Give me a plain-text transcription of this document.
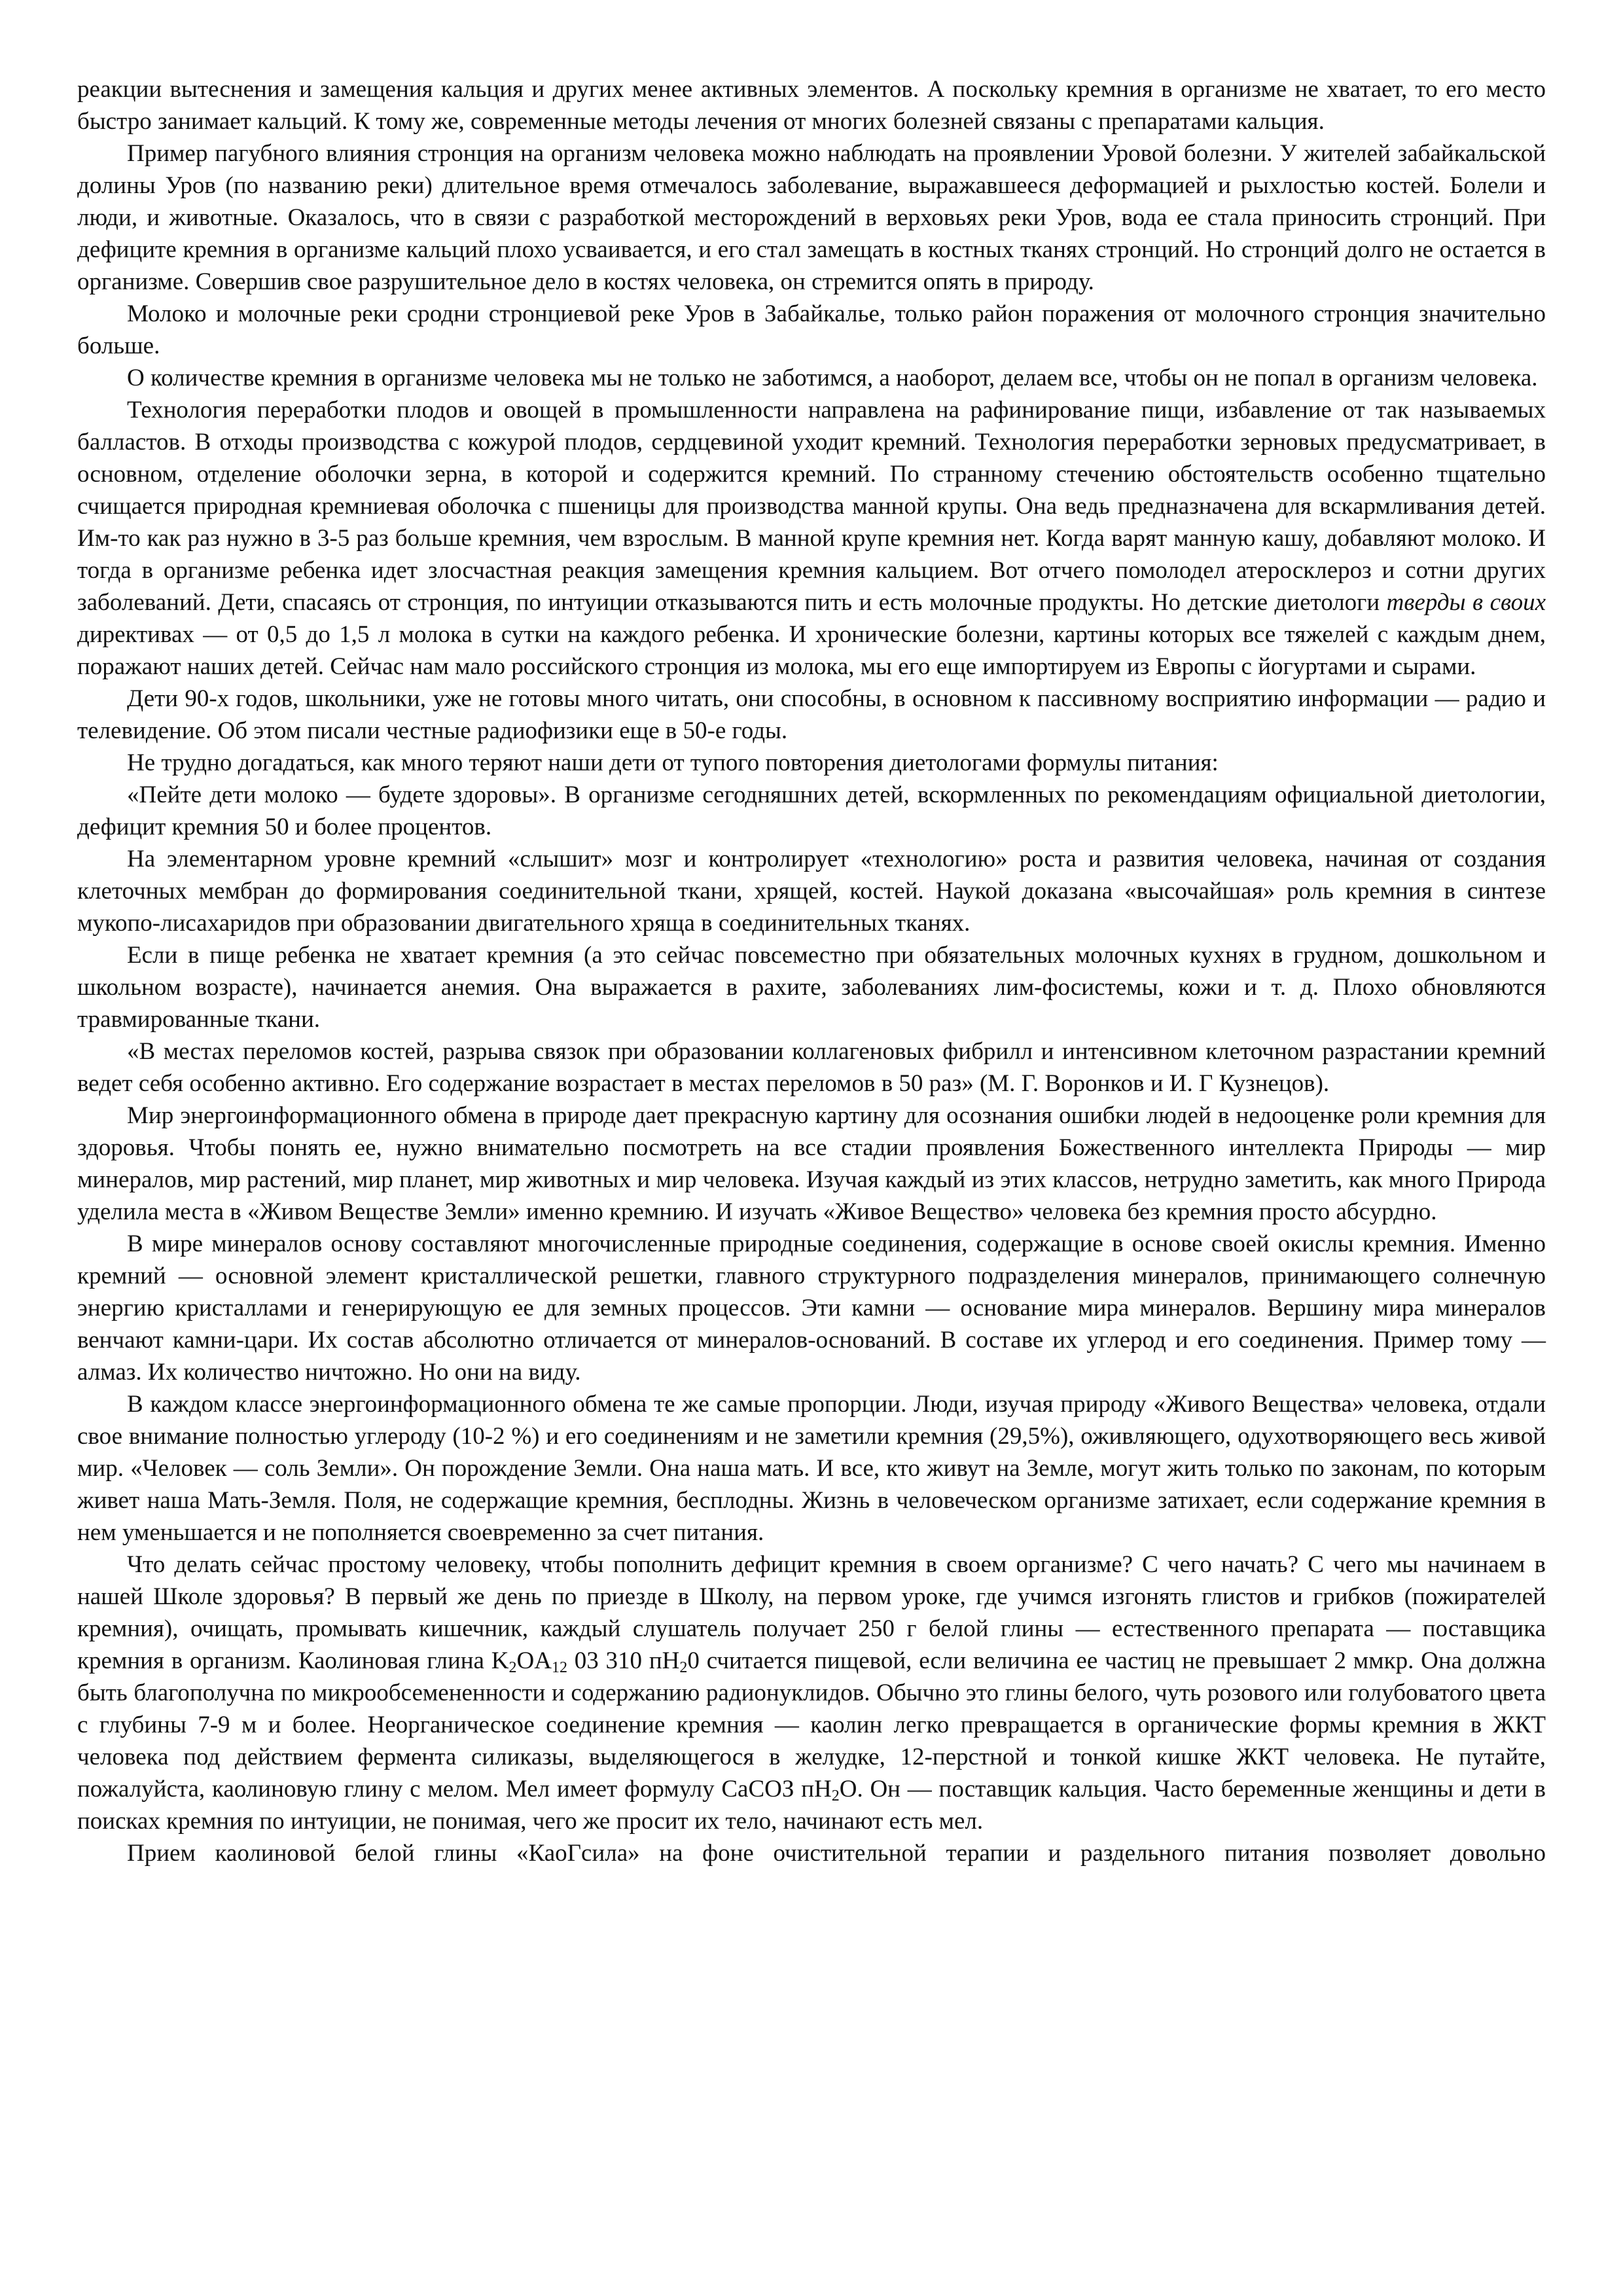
реакции вытеснения и замещения кальция и других менее активных элементов. А поскольку кремния в организме не хватает, то его место быстро занимает кальций. К тому же, современные методы лечения от многих болезней связаны с препаратами кальция.

Пример пагубного влияния стронция на организм человека можно наблюдать на проявлении Уровой болезни. У жителей забайкальской долины Уров (по названию реки) длительное время отмечалось заболевание, выражавшееся деформацией и рыхлостью костей. Болели и люди, и животные. Оказалось, что в связи с разработкой месторождений в верховьях реки Уров, вода ее стала приносить стронций. При дефиците кремния в организме кальций плохо усваивается, и его стал замещать в костных тканях стронций. Но стронций долго не остается в организме. Совершив свое разрушительное дело в костях человека, он стремится опять в природу.

Молоко и молочные реки сродни стронциевой реке Уров в Забайкалье, только район поражения от молочного стронция значительно больше.

О количестве кремния в организме человека мы не только не заботимся, а наоборот, делаем все, чтобы он не попал в организм человека.

Технология переработки плодов и овощей в промышленности направлена на рафинирование пищи, избавление от так называемых балластов. В отходы производства с кожурой плодов, сердцевиной уходит кремний. Технология переработки зерновых предусматривает, в основном, отделение оболочки зерна, в которой и содержится кремний. По странному стечению обстоятельств особенно тщательно счищается природная кремниевая оболочка с пшеницы для производства манной крупы. Она ведь предназначена для вскармливания детей. Им-то как раз нужно в 3-5 раз больше кремния, чем взрослым. В манной крупе кремния нет. Когда варят манную кашу, добавляют молоко. И тогда в организме ребенка идет злосчастная реакция замещения кремния кальцием. Вот отчего помолодел атеросклероз и сотни других заболеваний. Дети, спасаясь от стронция, по интуиции отказываются пить и есть молочные продукты. Но детские диетологи тверды в своих директивах — от 0,5 до 1,5 л молока в сутки на каждого ребенка. И хронические болезни, картины которых все тяжелей с каждым днем, поражают наших детей. Сейчас нам мало российского стронция из молока, мы его еще импортируем из Европы с йогуртами и сырами.

Дети 90-х годов, школьники, уже не готовы много читать, они способны, в основном к пассивному восприятию информации — радио и телевидение. Об этом писали честные радиофизики еще в 50-е годы.

Не трудно догадаться, как много теряют наши дети от тупого повторения диетологами формулы питания:

«Пейте дети молоко — будете здоровы». В организме сегодняшних детей, вскормленных по рекомендациям официальной диетологии, дефицит кремния 50 и более процентов.

На элементарном уровне кремний «слышит» мозг и контролирует «технологию» роста и развития человека, начиная от создания клеточных мембран до формирования соединительной ткани, хрящей, костей. Наукой доказана «высочайшая» роль кремния в синтезе мукопо-лисахаридов при образовании двигательного хряща в соединительных тканях.

Если в пище ребенка не хватает кремния (а это сейчас повсеместно при обязательных молочных кухнях в грудном, дошкольном и школьном возрасте), начинается анемия. Она выражается в рахите, заболеваниях лим-фосистемы, кожи и т. д. Плохо обновляются травмированные ткани.

«В местах переломов костей, разрыва связок при образовании коллагеновых фибрилл и интенсивном клеточном разрастании кремний ведет себя особенно активно. Его содержание возрастает в местах переломов в 50 раз» (М. Г. Воронков и И. Г Кузнецов).

Мир энергоинформационного обмена в природе дает прекрасную картину для осознания ошибки людей в недооценке роли кремния для здоровья. Чтобы понять ее, нужно внимательно посмотреть на все стадии проявления Божественного интеллекта Природы — мир минералов, мир растений, мир планет, мир животных и мир человека. Изучая каждый из этих классов, нетрудно заметить, как много Природа уделила места в «Живом Веществе Земли» именно кремнию. И изучать «Живое Вещество» человека без кремния просто абсурдно.

В мире минералов основу составляют многочисленные природные соединения, содержащие в основе своей окислы кремния. Именно кремний — основной элемент кристаллической решетки, главного структурного подразделения минералов, принимающего солнечную энергию кристаллами и генерирующую ее для земных процессов. Эти камни — основание мира минералов. Вершину мира минералов венчают камни-цари. Их состав абсолютно отличается от минералов-оснований. В составе их углерод и его соединения. Пример тому — алмаз. Их количество ничтожно. Но они на виду.

В каждом классе энергоинформационного обмена те же самые пропорции. Люди, изучая природу «Живого Вещества» человека, отдали свое внимание полностью углероду (10-2 %) и его соединениям и не заметили кремния (29,5%), оживляющего, одухотворяющего весь живой мир. «Человек — соль Земли». Он порождение Земли. Она наша мать. И все, кто живут на Земле, могут жить только по законам, по которым живет наша Мать-Земля. Поля, не содержащие кремния, бесплодны. Жизнь в человеческом организме затихает, если содержание кремния в нем уменьшается и не пополняется своевременно за счет питания.

Что делать сейчас простому человеку, чтобы пополнить дефицит кремния в своем организме? С чего начать? С чего мы начинаем в нашей Школе здоровья? В первый же день по приезде в Школу, на первом уроке, где учимся изгонять глистов и грибков (пожирателей кремния), очищать, промывать кишечник, каждый слушатель получает 250 г белой глины — естественного препарата — поставщика кремния в организм. Каолиновая глина $K_2OA_{12}$ 03 310 $пH_20$ считается пищевой, если величина ее частиц не превышает 2 ммкр. Она должна быть благополучна по микрообсемененности и содержанию радионуклидов. Обычно это глины белого, чуть розового или голубоватого цвета с глубины 7-9 м и более. Неорганическое соединение кремния — каолин легко превращается в органические формы кремния в ЖКТ человека под действием фермента силиказы, выделяющегося в желудке, 12-перстной и тонкой кишке ЖКТ человека. Не путайте, пожалуйста, каолиновую глину с мелом. Мел имеет формулу СаСОЗ $пH_2O$. Он — поставщик кальция. Часто беременные женщины и дети в поисках кремния по интуиции, не понимая, чего же просит их тело, начинают есть мел.

Прием каолиновой белой глины «КаоГсила» на фоне очистительной терапии и раздельного питания позволяет довольно
